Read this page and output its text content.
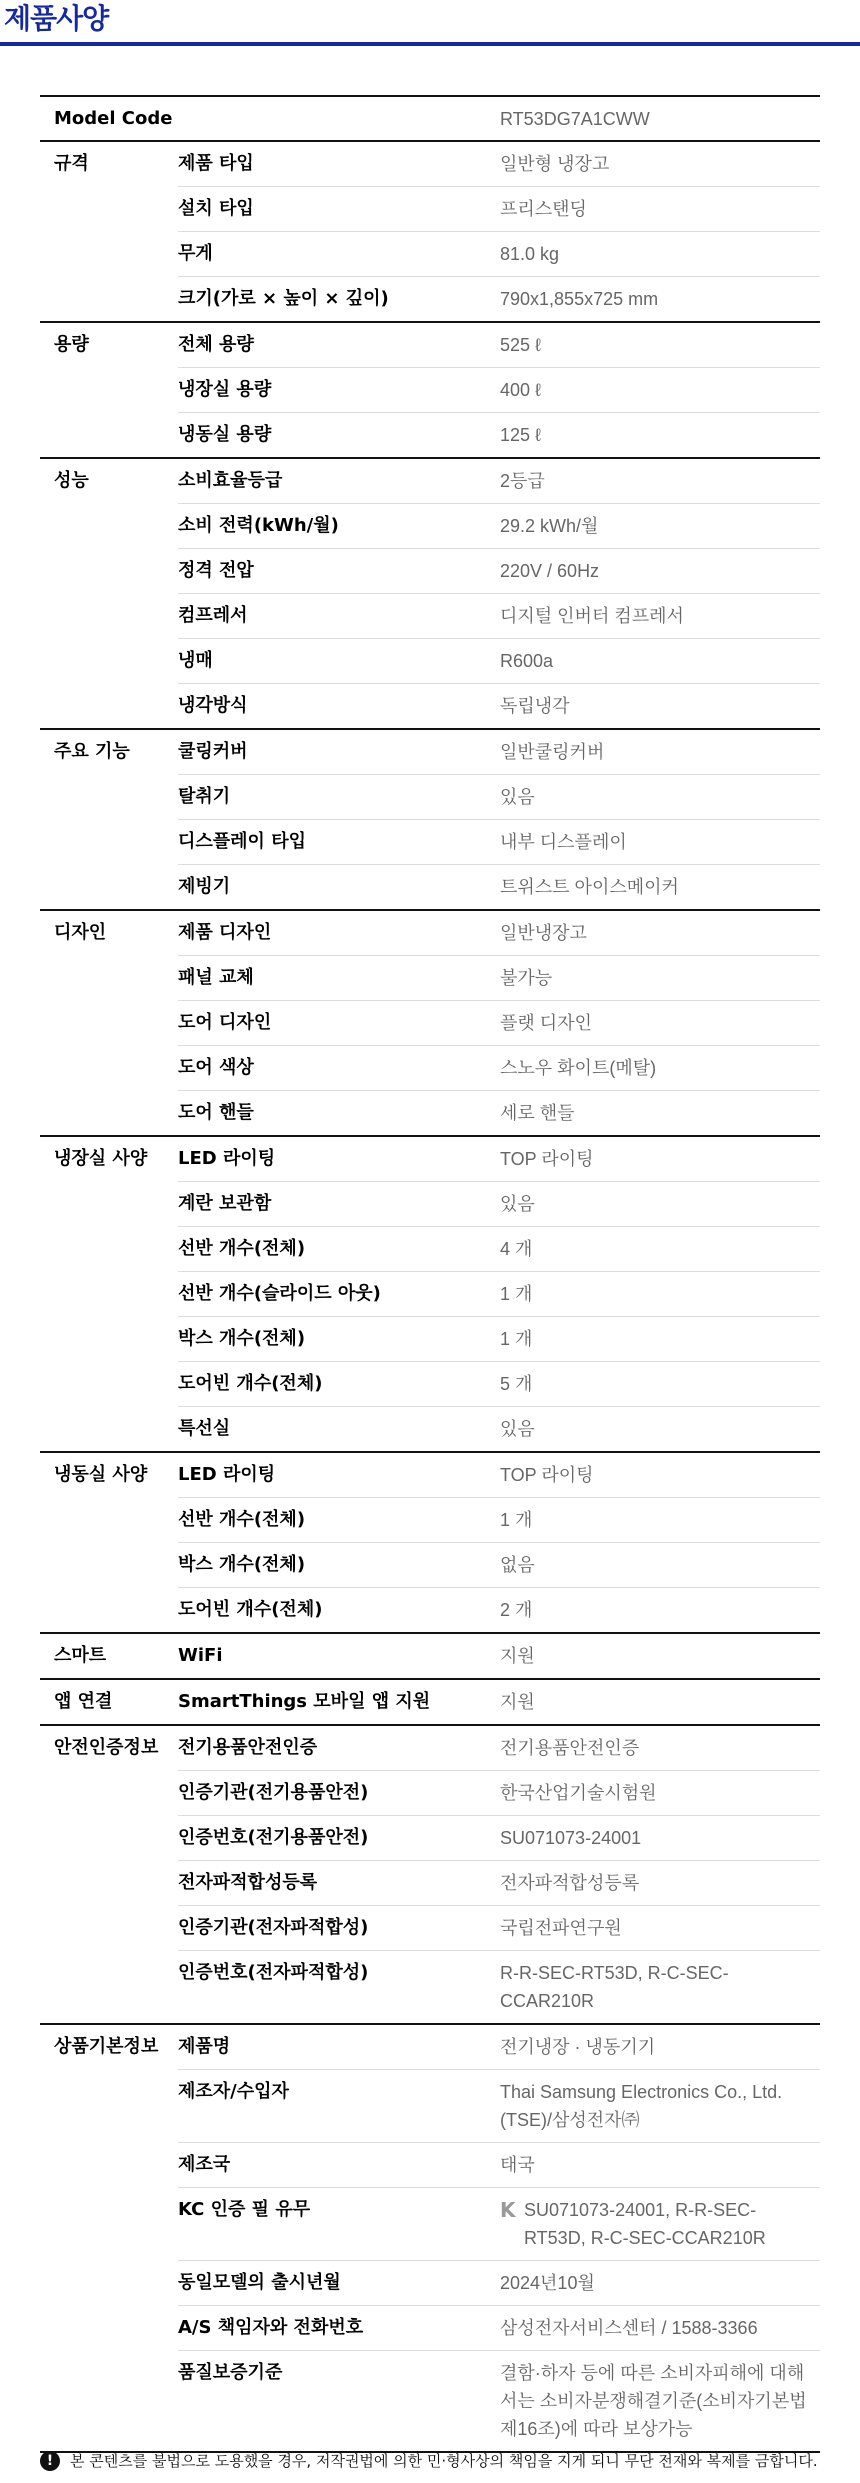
제품사양
Model Code	RT53DG7A1CWW
규격	제품 타입	일반형 냉장고
설치 타입	프리스탠딩
무게	81.0 kg
크기(가로 × 높이 × 깊이)	790x1,855x725 mm
용량	전체 용량	525 ℓ
냉장실 용량	400 ℓ
냉동실 용량	125 ℓ
성능	소비효율등급	2등급
소비 전력(kWh/월)	29.2 kWh/월
정격 전압	220V / 60Hz
컴프레서	디지털 인버터 컴프레서
냉매	R600a
냉각방식	독립냉각
주요 기능	쿨링커버	일반쿨링커버
탈취기	있음
디스플레이 타입	내부 디스플레이
제빙기	트위스트 아이스메이커
디자인	제품 디자인	일반냉장고
패널 교체	불가능
도어 디자인	플랫 디자인
도어 색상	스노우 화이트(메탈)
도어 핸들	세로 핸들
냉장실 사양	LED 라이팅	TOP 라이팅
계란 보관함	있음
선반 개수(전체)	4 개
선반 개수(슬라이드 아웃)	1 개
박스 개수(전체)	1 개
도어빈 개수(전체)	5 개
특선실	있음
냉동실 사양	LED 라이팅	TOP 라이팅
선반 개수(전체)	1 개
박스 개수(전체)	없음
도어빈 개수(전체)	2 개
스마트	WiFi	지원
앱 연결	SmartThings 모바일 앱 지원	지원
안전인증정보	전기용품안전인증	전기용품안전인증
인증기관(전기용품안전)	한국산업기술시험원
인증번호(전기용품안전)	SU071073-24001
전자파적합성등록	전자파적합성등록
인증기관(전자파적합성)	국립전파연구원
인증번호(전자파적합성)	R-R-SEC-RT53D, R-C-SEC-CCAR210R
상품기본정보	제품명	전기냉장 · 냉동기기
제조자/수입자	Thai Samsung Electronics Co., Ltd. (TSE)/삼성전자㈜
제조국	태국
KC 인증 필 유무	K SU071073-24001, R-R-SEC-RT53D, R-C-SEC-CCAR210R
동일모델의 출시년월	2024년10월
A/S 책임자와 전화번호	삼성전자서비스센터 / 1588-3366
품질보증기준	결함·하자 등에 따른 소비자피해에 대해서는 소비자분쟁해결기준(소비자기본법 제16조)에 따라 보상가능
!	본 콘텐츠를 불법으로 도용했을 경우, 저작권법에 의한 민·형사상의 책임을 지게 되니 무단 전재와 복제를 금합니다.
